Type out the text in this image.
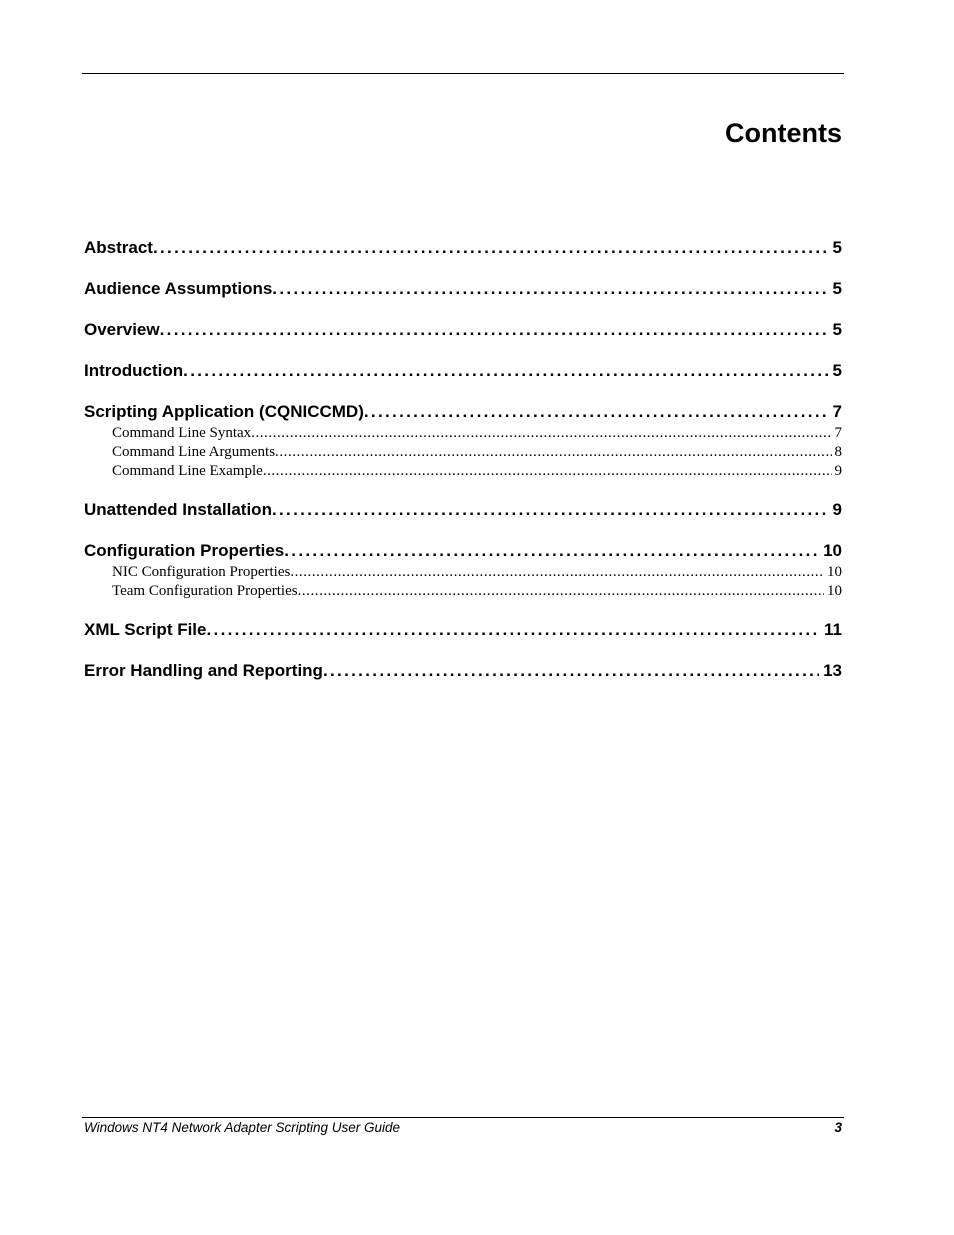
Contents
Abstract . . .	5
Audience Assumptions . . .	5
Overview . . .	5
Introduction . . .	5
Scripting Application (CQNICCMD) . . .	7
Command Line Syntax . . .	7
Command Line Arguments . . .	8
Command Line Example . . .	9
Unattended Installation . . .	9
Configuration Properties . . .	10
NIC Configuration Properties . . .	10
Team Configuration Properties . . .	10
XML Script File . . .	11
Error Handling and Reporting . . .	13
Windows NT4 Network Adapter Scripting User Guide	3
